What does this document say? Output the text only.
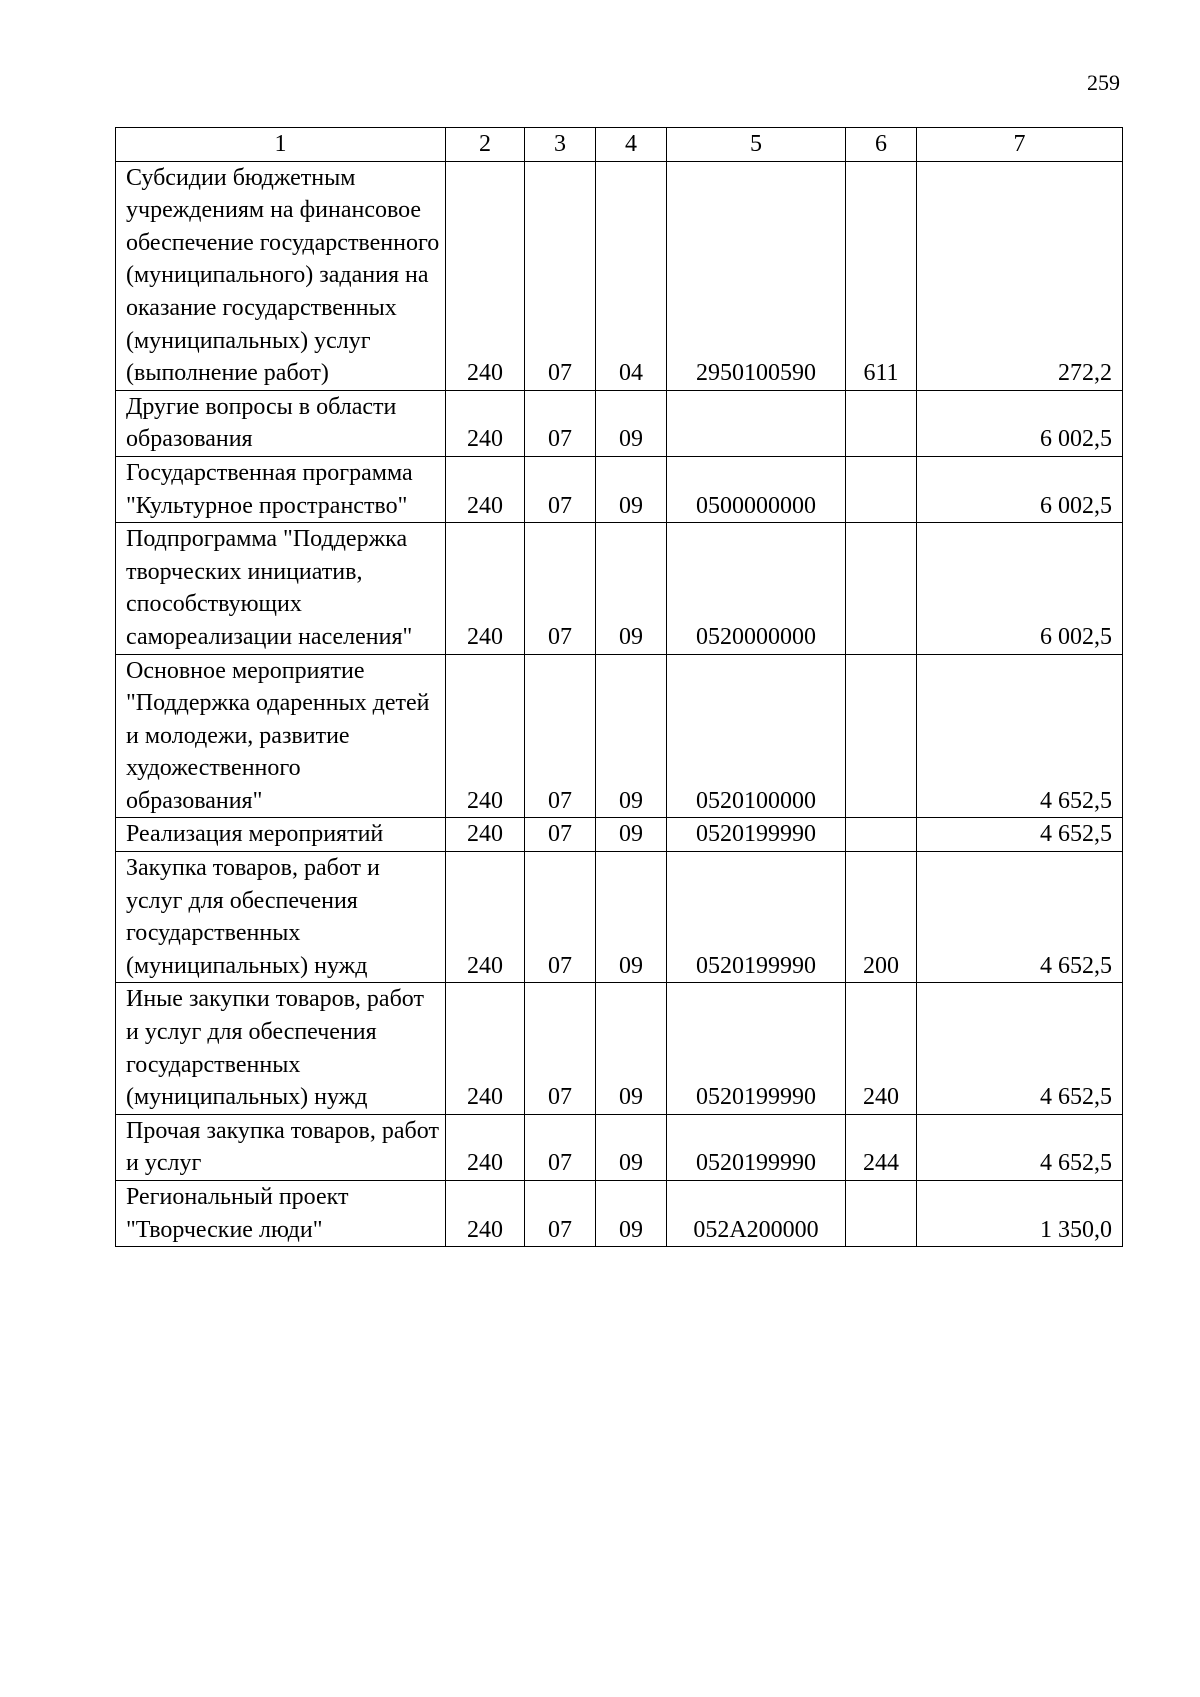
259
1	2	3	4	5	6	7
Субсидии бюджетным учреждениям на финансовое обеспечение государственного (муниципального) задания на оказание государственных (муниципальных) услуг (выполнение работ)	240	07	04	2950100590	611	272,2
Другие вопросы в области образования	240	07	09			6 002,5
Государственная программа "Культурное пространство"	240	07	09	0500000000		6 002,5
Подпрограмма "Поддержка творческих инициатив, способствующих самореализации населения"	240	07	09	0520000000		6 002,5
Основное мероприятие "Поддержка одаренных детей и молодежи, развитие художественного образования"	240	07	09	0520100000		4 652,5
Реализация мероприятий	240	07	09	0520199990		4 652,5
Закупка товаров, работ и услуг для обеспечения государственных (муниципальных) нужд	240	07	09	0520199990	200	4 652,5
Иные закупки товаров, работ и услуг для обеспечения государственных (муниципальных) нужд	240	07	09	0520199990	240	4 652,5
Прочая закупка товаров, работ и услуг	240	07	09	0520199990	244	4 652,5
Региональный проект "Творческие люди"	240	07	09	052A200000		1 350,0
